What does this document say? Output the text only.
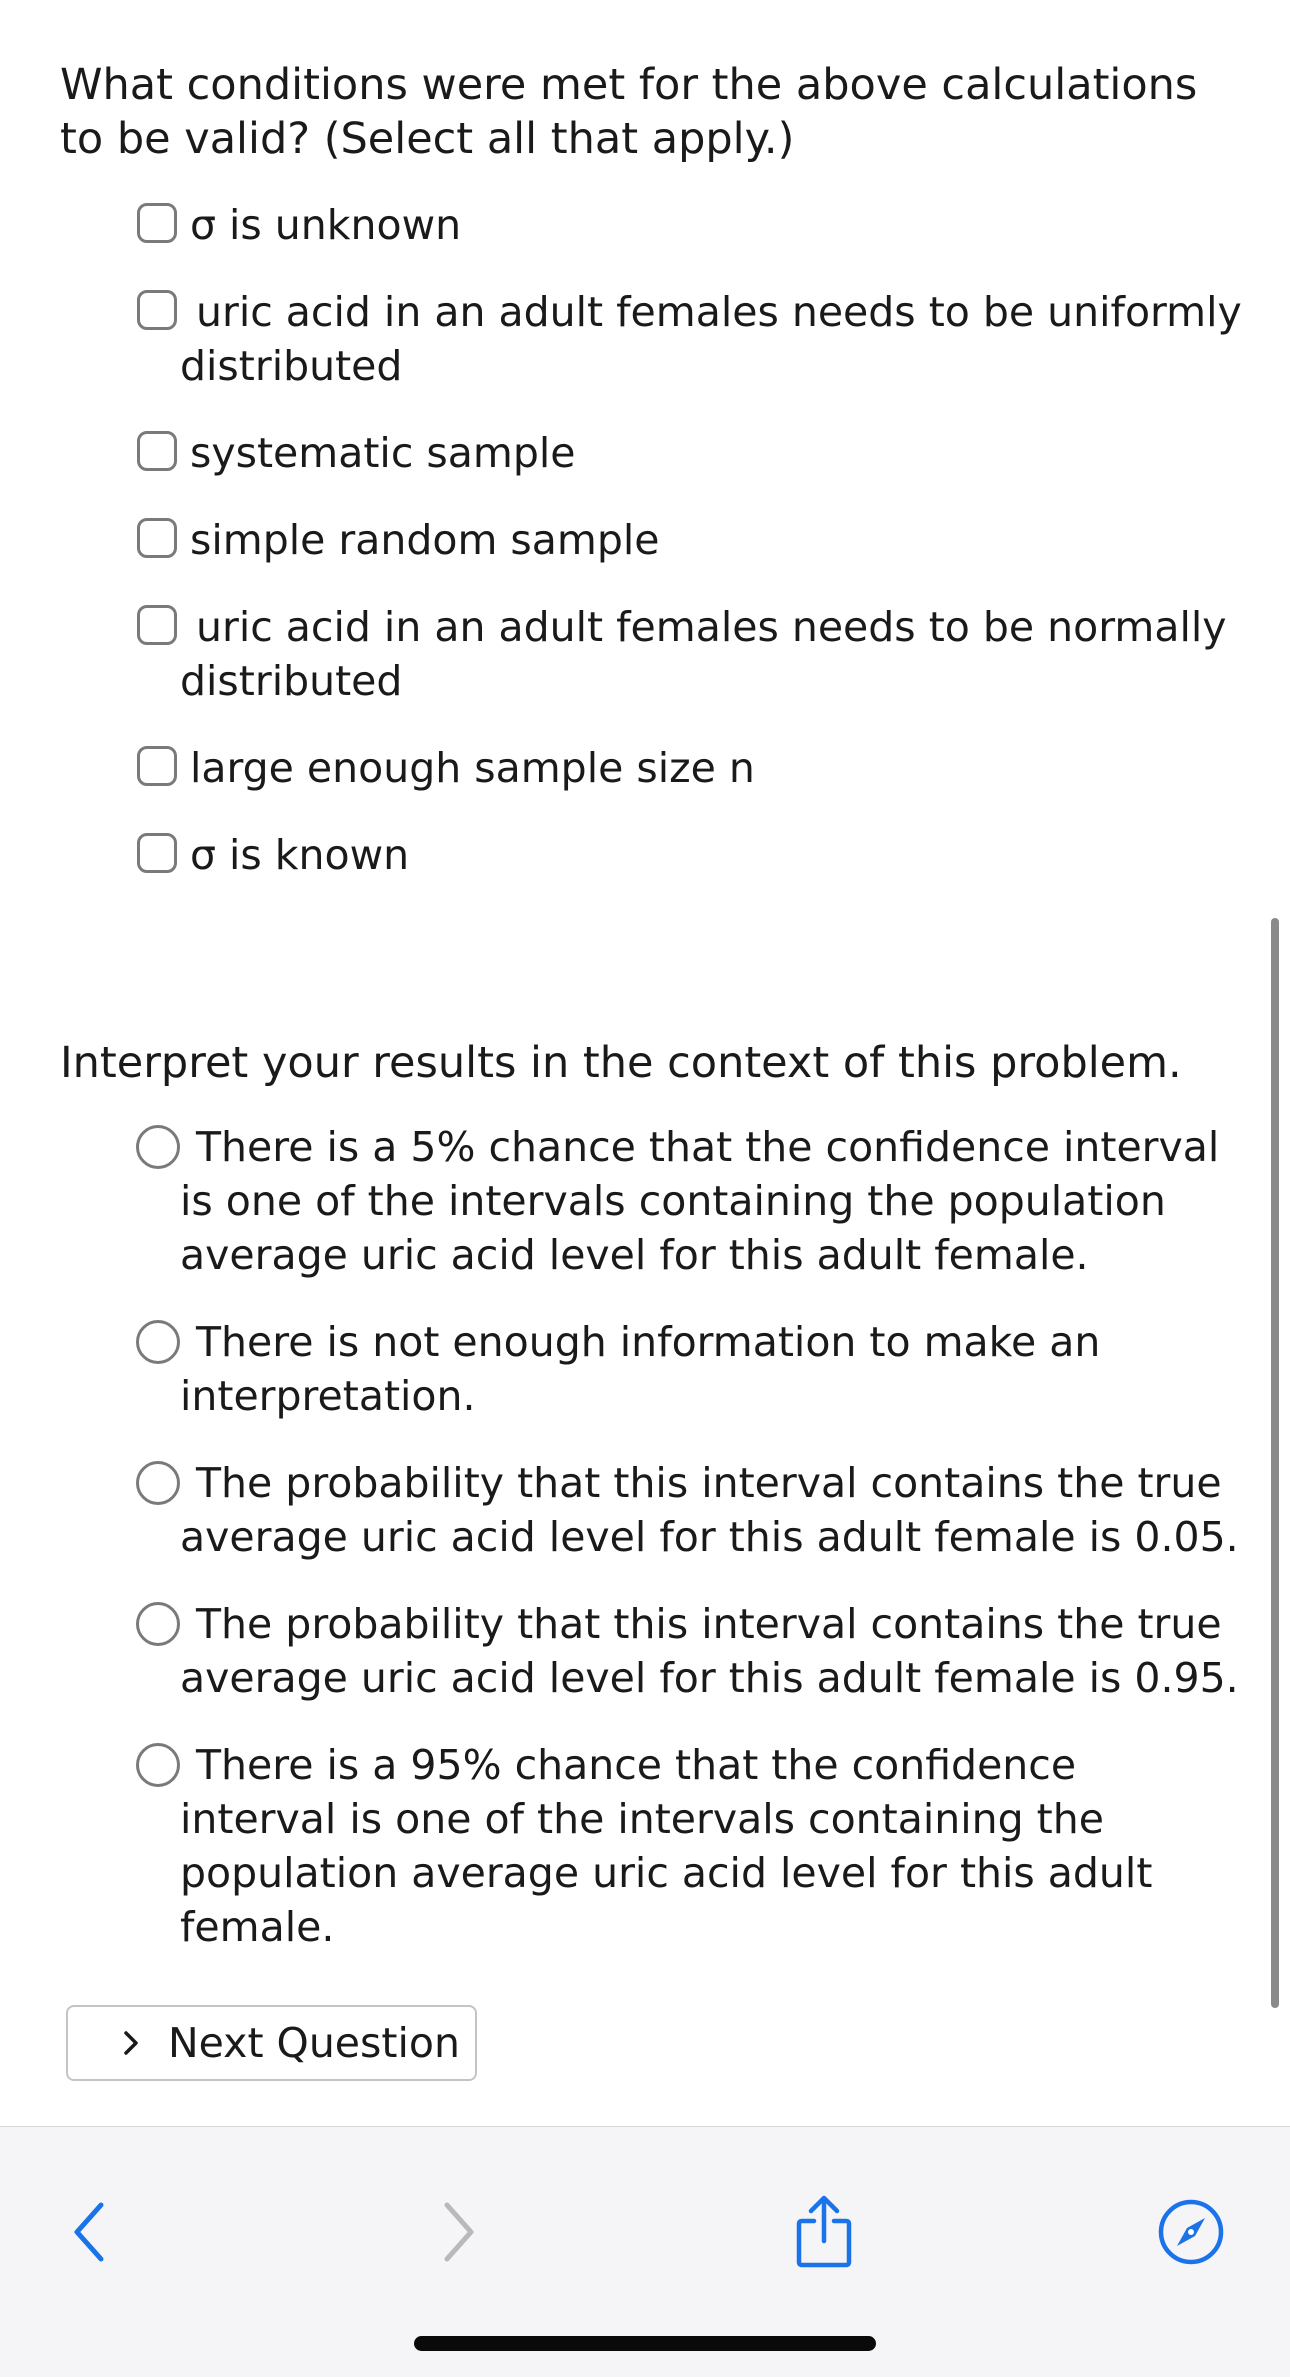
What conditions were met for the above calculations to be valid? (Select all that apply.)
σ is unknown
uric acid in an adult females needs to be uniformly distributed
systematic sample
simple random sample
uric acid in an adult females needs to be normally distributed
large enough sample size n
σ is known
Interpret your results in the context of this problem.
There is a 5% chance that the confidence interval is one of the intervals containing the population average uric acid level for this adult female.
There is not enough information to make an interpretation.
The probability that this interval contains the true average uric acid level for this adult female is 0.05.
The probability that this interval contains the true average uric acid level for this adult female is 0.95.
There is a 95% chance that the confidence interval is one of the intervals containing the population average uric acid level for this adult female.
Next Question
